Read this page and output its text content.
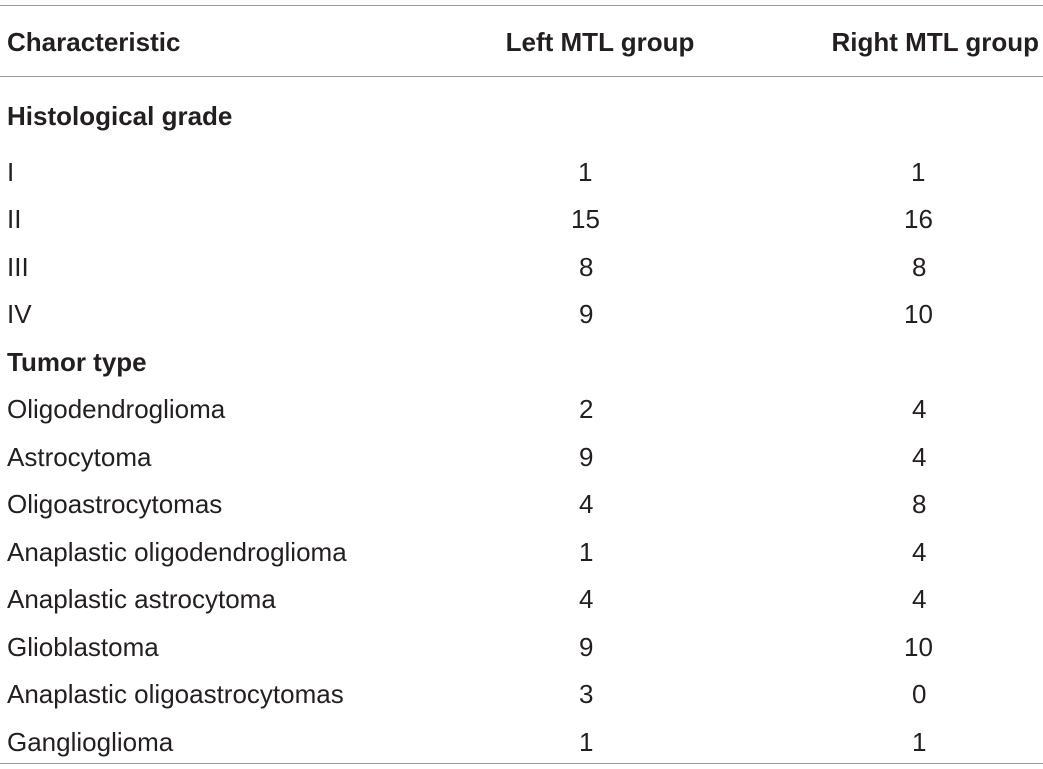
Characteristic	Left MTL group	Right MTL group
Histological grade		
I	1	1
II	15	16
III	8	8
IV	9	10
Tumor type		
Oligodendroglioma	2	4
Astrocytoma	9	4
Oligoastrocytomas	4	8
Anaplastic oligodendroglioma	1	4
Anaplastic astrocytoma	4	4
Glioblastoma	9	10
Anaplastic oligoastrocytomas	3	0
Ganglioglioma	1	1
